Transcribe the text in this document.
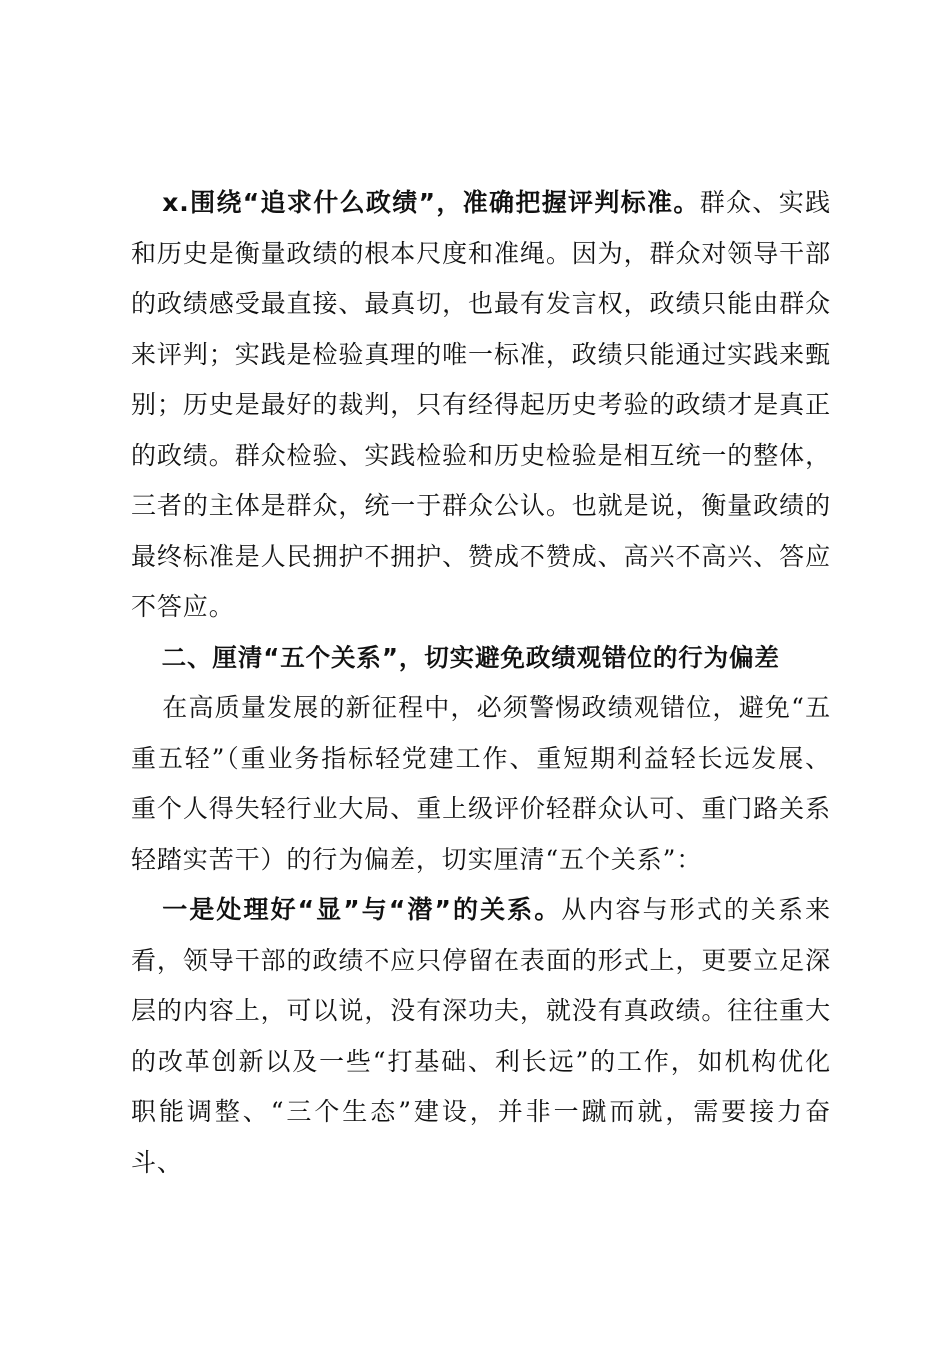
x.围绕“追求什么政绩”，准确把握评判标准。群众、实践和历史是衡量政绩的根本尺度和准绳。因为，群众对领导干部的政绩感受最直接、最真切，也最有发言权，政绩只能由群众来评判；实践是检验真理的唯一标准，政绩只能通过实践来甄别；历史是最好的裁判，只有经得起历史考验的政绩才是真正的政绩。群众检验、实践检验和历史检验是相互统一的整体，三者的主体是群众，统一于群众公认。也就是说，衡量政绩的最终标准是人民拥护不拥护、赞成不赞成、高兴不高兴、答应不答应。

二、厘清“五个关系”，切实避免政绩观错位的行为偏差

在高质量发展的新征程中，必须警惕政绩观错位，避免“五重五轻”（重业务指标轻党建工作、重短期利益轻长远发展、重个人得失轻行业大局、重上级评价轻群众认可、重门路关系轻踏实苦干）的行为偏差，切实厘清“五个关系”：

一是处理好“显”与“潜”的关系。从内容与形式的关系来看，领导干部的政绩不应只停留在表面的形式上，更要立足深层的内容上，可以说，没有深功夫，就没有真政绩。往往重大的改革创新以及一些“打基础、利长远”的工作，如机构优化职能调整、“三个生态”建设，并非一蹴而就，需要接力奋斗、
